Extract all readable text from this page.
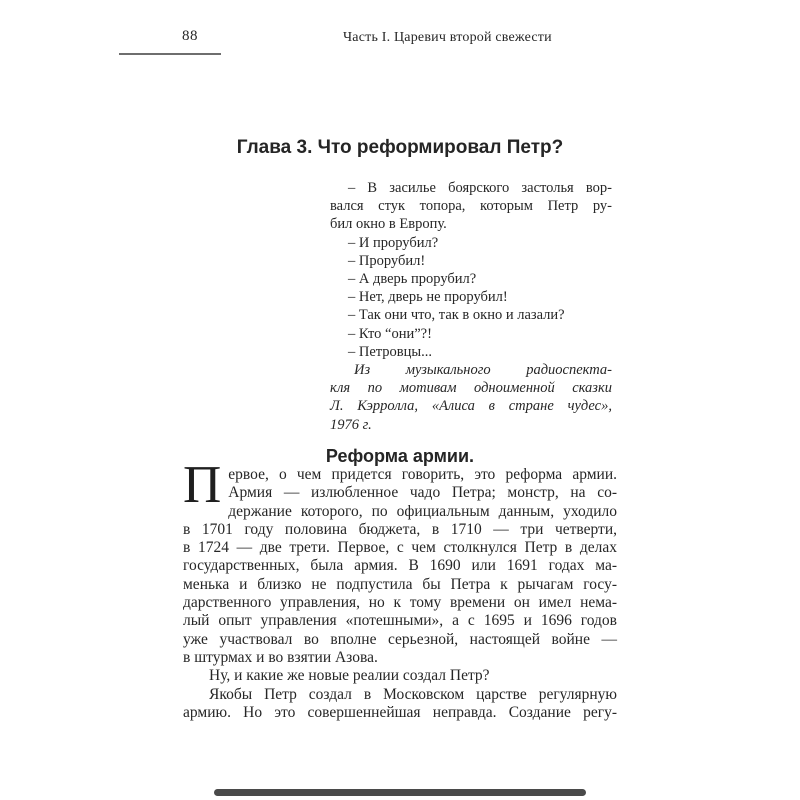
88	Часть I. Царевич второй свежести
Глава 3. Что реформировал Петр?
– В засилье боярского застолья вор-
вался стук топора, которым Петр ру-
бил окно в Европу.
– И прорубил?
– Прорубил!
– А дверь прорубил?
– Нет, дверь не прорубил!
– Так они что, так в окно и лазали?
– Кто “они”?!
– Петровцы...
Из музыкального радиоспекта-
кля по мотивам одноименной сказки
Л. Кэрролла, «Алиса в стране чудес»,
1976 г.
Реформа армии.
П ервое, о чем придется говорить, это реформа армии.
Армия — излюбленное чадо Петра; монстр, на со-
держание которого, по официальным данным, уходило
в 1701 году половина бюджета, в 1710 — три четверти,
в 1724 — две трети. Первое, с чем столкнулся Петр в делах
государственных, была армия. В 1690 или 1691 годах ма-
менька и близко не подпустила бы Петра к рычагам госу-
дарственного управления, но к тому времени он имел нема-
лый опыт управления «потешными», а с 1695 и 1696 годов
уже участвовал во вполне серьезной, настоящей войне —
в штурмах и во взятии Азова.
Ну, и какие же новые реалии создал Петр?
Якобы Петр создал в Московском царстве регулярную
армию. Но это совершеннейшая неправда. Создание регу-
